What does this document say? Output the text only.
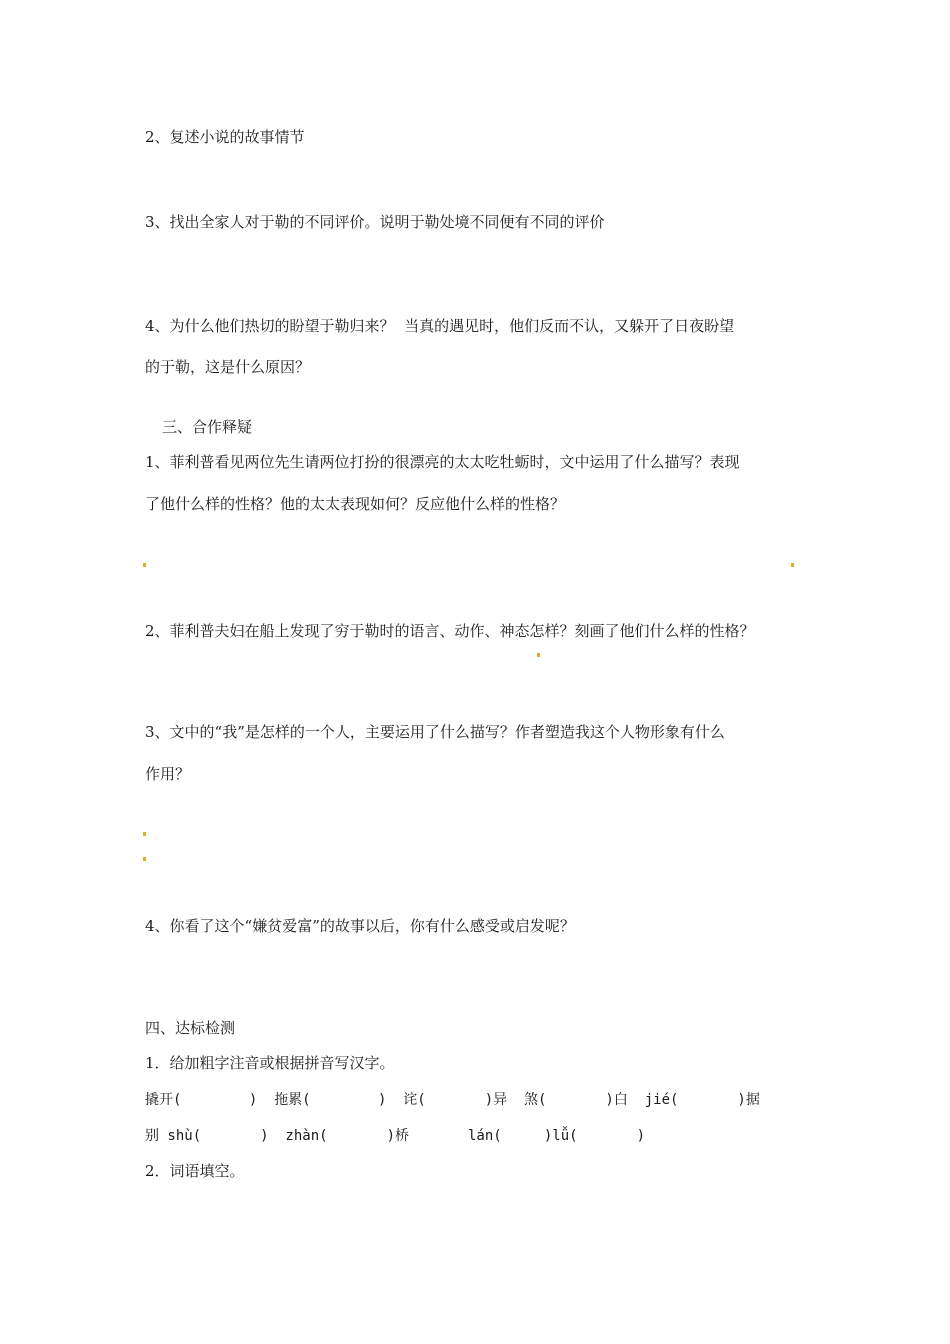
2、复述小说的故事情节
3、找出全家人对于勒的不同评价。说明于勒处境不同便有不同的评价
4、为什么他们热切的盼望于勒归来？  当真的遇见时，他们反而不认，又躲开了日夜盼望
的于勒，这是什么原因？
三、合作释疑
1、菲利普看见两位先生请两位打扮的很漂亮的太太吃牡蛎时，文中运用了什么描写？表现
了他什么样的性格？他的太太表现如何？反应他什么样的性格？
2、菲利普夫妇在船上发现了穷于勒时的语言、动作、神态怎样？刻画了他们什么样的性格？
3、文中的“我”是怎样的一个人，主要运用了什么描写？作者塑造我这个人物形象有什么
作用？
4、你看了这个“嫌贫爱富”的故事以后，你有什么感受或启发呢？
四、达标检测
1．给加粗字注音或根据拼音写汉字。
撬开(        )  拖累(        )  诧(       )异  煞(       )白  jié(       )据
别 shù(       )  zhàn(       )桥       lán(     )lǚ(       )
2．词语填空。
